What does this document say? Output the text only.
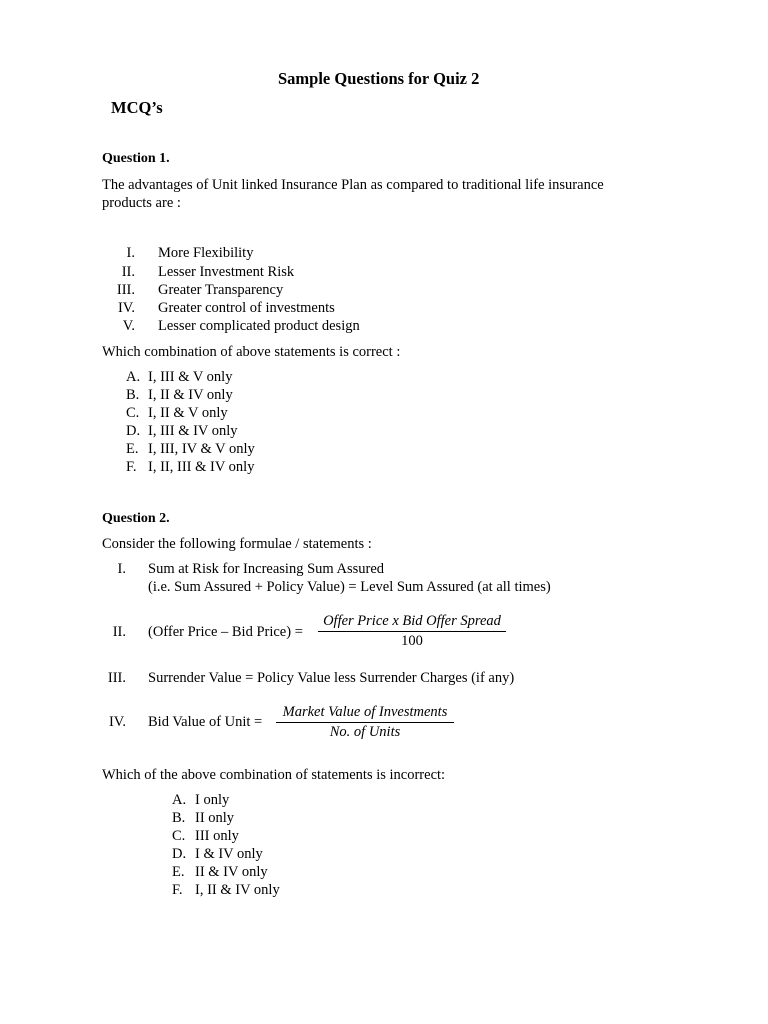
Sample Questions for Quiz 2
MCQ’s
Question 1.
The advantages of Unit linked Insurance Plan as compared to traditional life insurance
products are :
I. More Flexibility
II. Lesser Investment Risk
III. Greater Transparency
IV. Greater control of investments
V. Lesser complicated product design
Which combination of above statements is correct :
A. I, III & V only
B. I, II & IV only
C. I, II & V only
D. I, III & IV only
E. I, III, IV & V only
F. I, II, III & IV only
Question 2.
Consider the following formulae / statements :
I. Sum at Risk for Increasing Sum Assured
(i.e. Sum Assured + Policy Value) = Level Sum Assured (at all times)
II. (Offer Price – Bid Price) =
Offer Price x Bid Offer Spread
100
III. Surrender Value = Policy Value less Surrender Charges (if any)
IV. Bid Value of Unit =
Market Value of Investments
No. of Units
Which of the above combination of statements is incorrect:
A. I only
B. II only
C. III only
D. I & IV only
E. II & IV only
F. I, II & IV only
